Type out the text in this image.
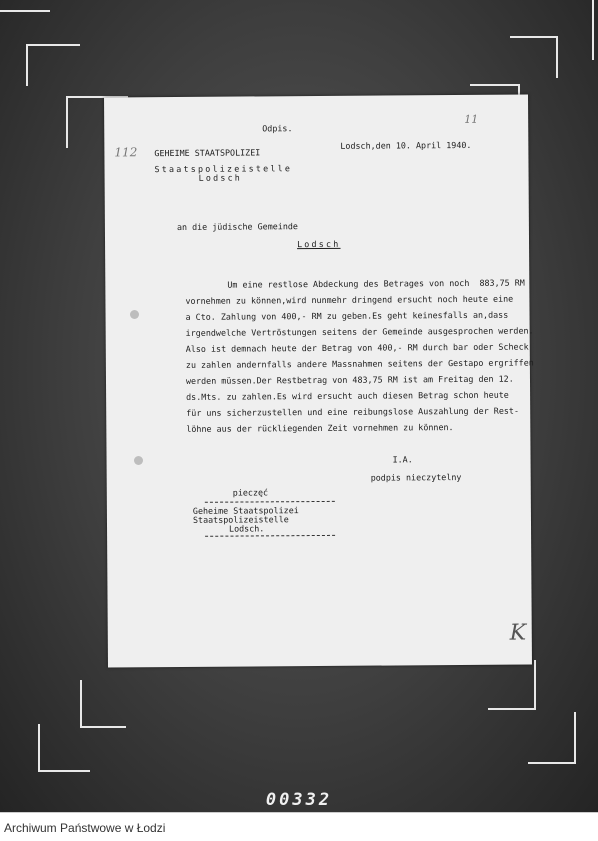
Odpis.
11
112 GEHEIME STAATSPOLIZEI
Lodsch,den 10. April 1940.
Staatspolizeistelle
Lodsch
an die jüdische Gemeinde
Lodsch
Um eine restlose Abdeckung des Betrages von noch  883,75 RM
vornehmen zu können,wird nunmehr dringend ersucht noch heute eine
a Cto. Zahlung von 400,- RM zu geben.Es geht keinesfalls an,dass
irgendwelche Vertröstungen seitens der Gemeinde ausgesprochen werden.
Also ist demnach heute der Betrag von 400,- RM durch bar oder Scheck
zu zahlen andernfalls andere Massnahmen seitens der Gestapo ergriffen
werden müssen.Der Restbetrag von 483,75 RM ist am Freitag den 12.
ds.Mts. zu zahlen.Es wird ersucht auch diesen Betrag schon heute
für uns sicherzustellen und eine reibungslose Auszahlung der Rest-
löhne aus der rückliegenden Zeit vornehmen zu können.
I.A.
podpis nieczytelny
pieczęć
Geheime Staatspolizei
Staatspolizeistelle
Lodsch.
K
00332
Archiwum Państwowe w Łodzi
